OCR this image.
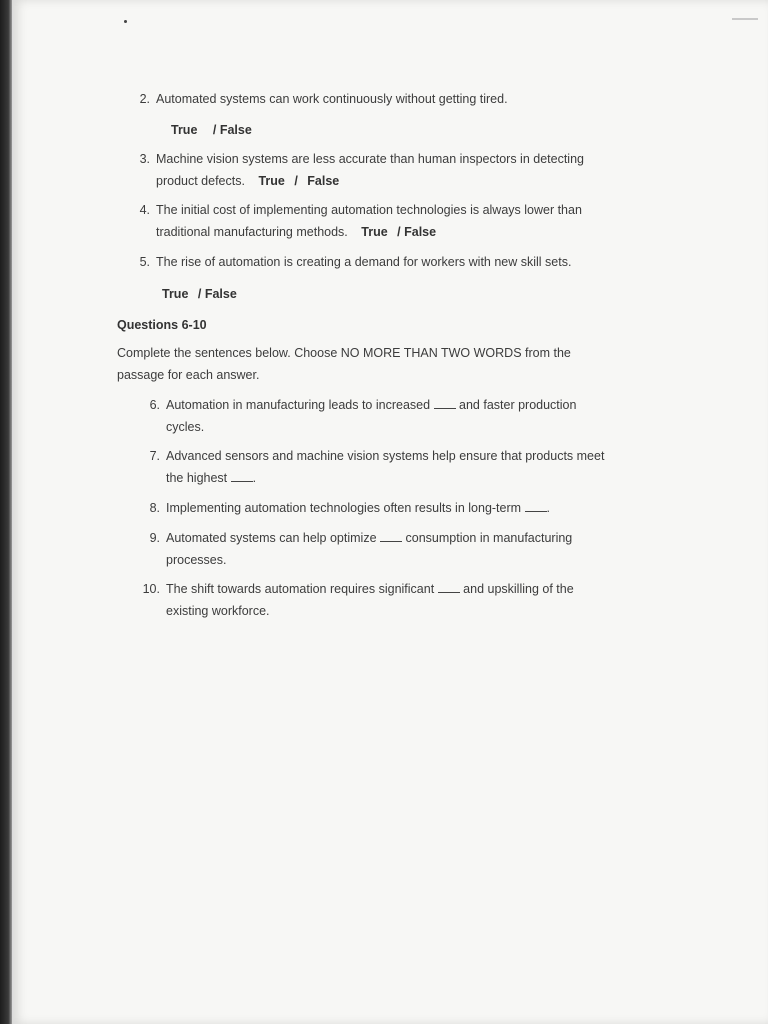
2. Automated systems can work continuously without getting tired.
True / False
3. Machine vision systems are less accurate than human inspectors in detecting
product defects. True / False
4. The initial cost of implementing automation technologies is always lower than
traditional manufacturing methods. True / False
5. The rise of automation is creating a demand for workers with new skill sets.
True / False
Questions 6-10
Complete the sentences below. Choose NO MORE THAN TWO WORDS from the
passage for each answer.
6. Automation in manufacturing leads to increased and faster production
cycles.
7. Advanced sensors and machine vision systems help ensure that products meet
the highest .
8. Implementing automation technologies often results in long-term .
9. Automated systems can help optimize consumption in manufacturing
processes.
10. The shift towards automation requires significant and upskilling of the
existing workforce.
